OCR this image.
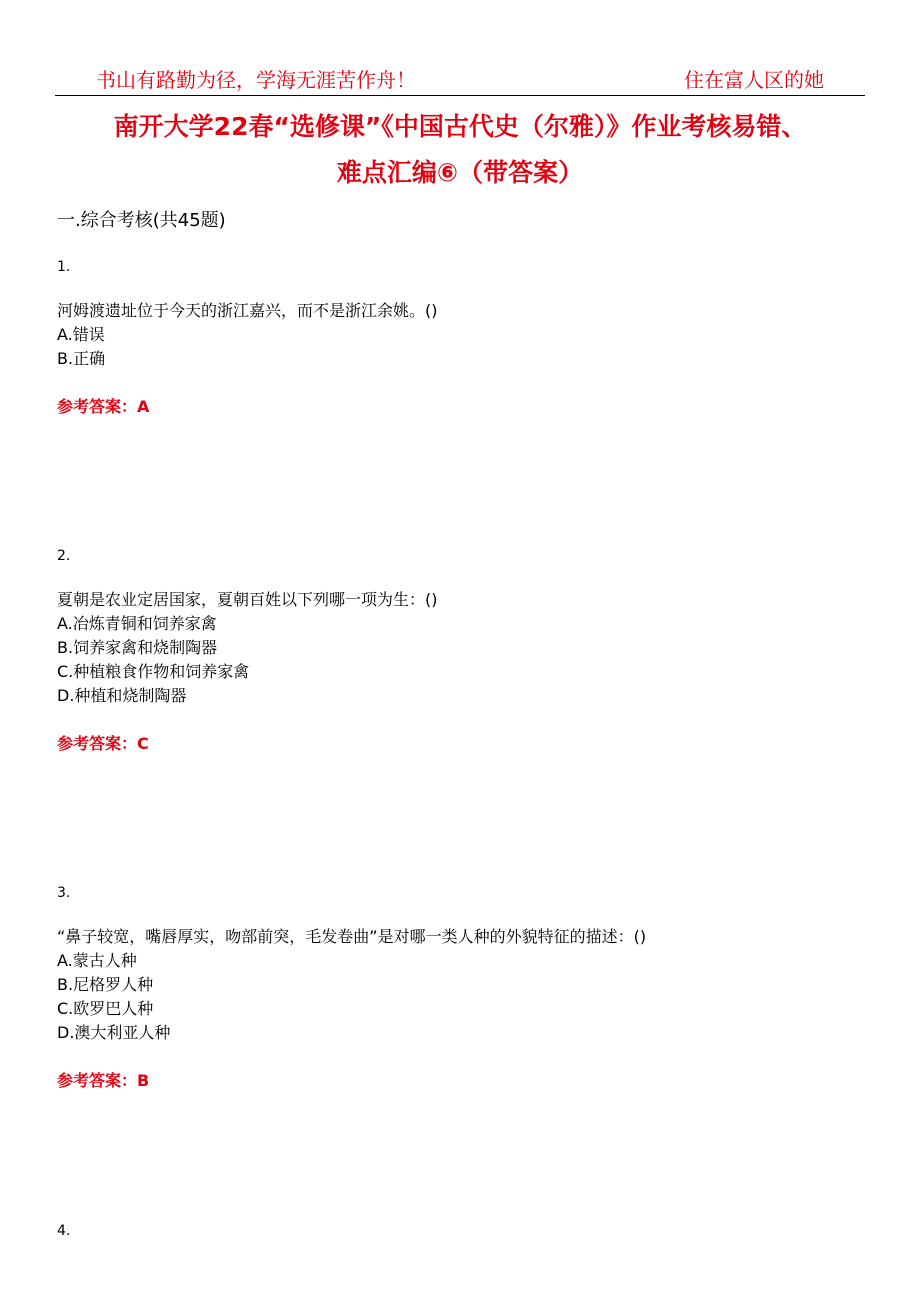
书山有路勤为径，学海无涯苦作舟！	住在富人区的她
南开大学22春“选修课”《中国古代史（尔雅）》作业考核易错、
难点汇编⑥（带答案）
一.综合考核(共45题)
1.
河姆渡遗址位于今天的浙江嘉兴，而不是浙江余姚。()
A.错误
B.正确
参考答案：A
2.
夏朝是农业定居国家，夏朝百姓以下列哪一项为生：()
A.冶炼青铜和饲养家禽
B.饲养家禽和烧制陶器
C.种植粮食作物和饲养家禽
D.种植和烧制陶器
参考答案：C
3.
“鼻子较宽，嘴唇厚实，吻部前突，毛发卷曲”是对哪一类人种的外貌特征的描述：()
A.蒙古人种
B.尼格罗人种
C.欧罗巴人种
D.澳大利亚人种
参考答案：B
4.
